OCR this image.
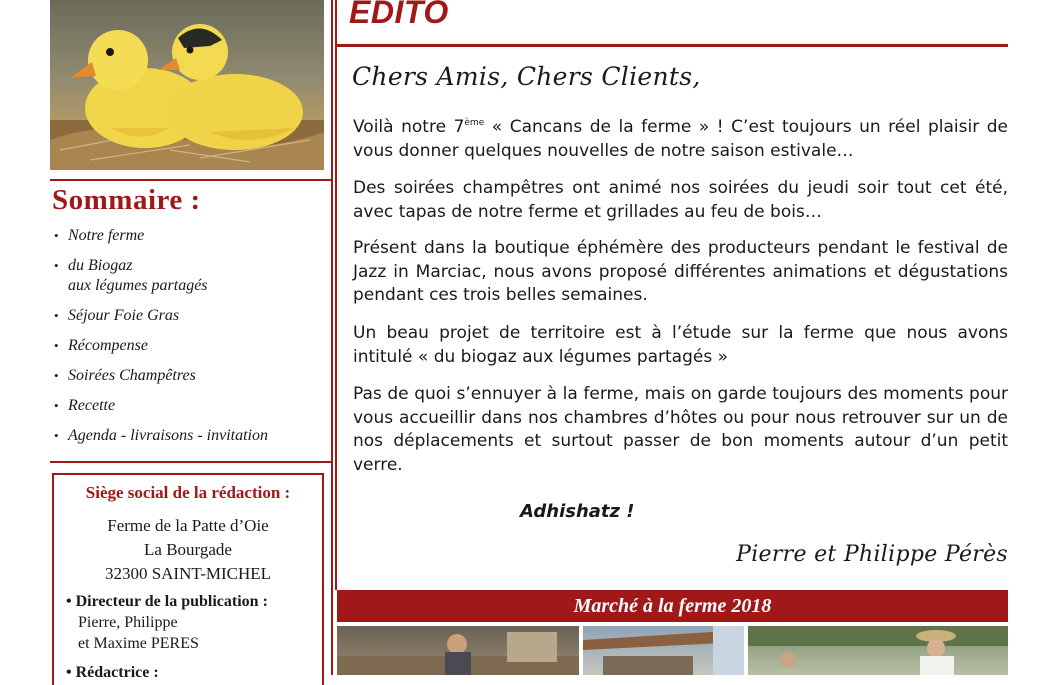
Sommaire :
• Notre ferme
• du Biogaz
aux légumes partagés
• Séjour Foie Gras
• Récompense
• Soirées Champêtres
• Recette
• Agenda - livraisons - invitation
Siège social de la rédaction :
Ferme de la Patte d’Oie
La Bourgade
32300 SAINT-MICHEL
• Directeur de la publication :
Pierre, Philippe
et Maxime PERES
• Rédactrice :
EDITO
Chers Amis, Chers Clients,
Voilà notre 7ème « Cancans de la ferme » ! C’est toujours un réel plaisir de vous donner quelques nouvelles de notre saison estivale…
Des soirées champêtres ont animé nos soirées du jeudi soir tout cet été, avec tapas de notre ferme et grillades au feu de bois…
Présent dans la boutique éphémère des producteurs pendant le festival de Jazz in Marciac, nous avons proposé différentes animations et dégustations pendant ces trois belles semaines.
Un beau projet de territoire est à l’étude sur la ferme que nous avons intitulé « du biogaz aux légumes partagés »
Pas de quoi s’ennuyer à la ferme, mais on garde toujours des moments pour vous accueillir dans nos chambres d’hôtes ou pour nous retrouver sur un de nos déplacements et surtout passer de bon moments autour d’un petit verre.
Adhishatz !
Pierre et Philippe Pérès
Marché à la ferme 2018
